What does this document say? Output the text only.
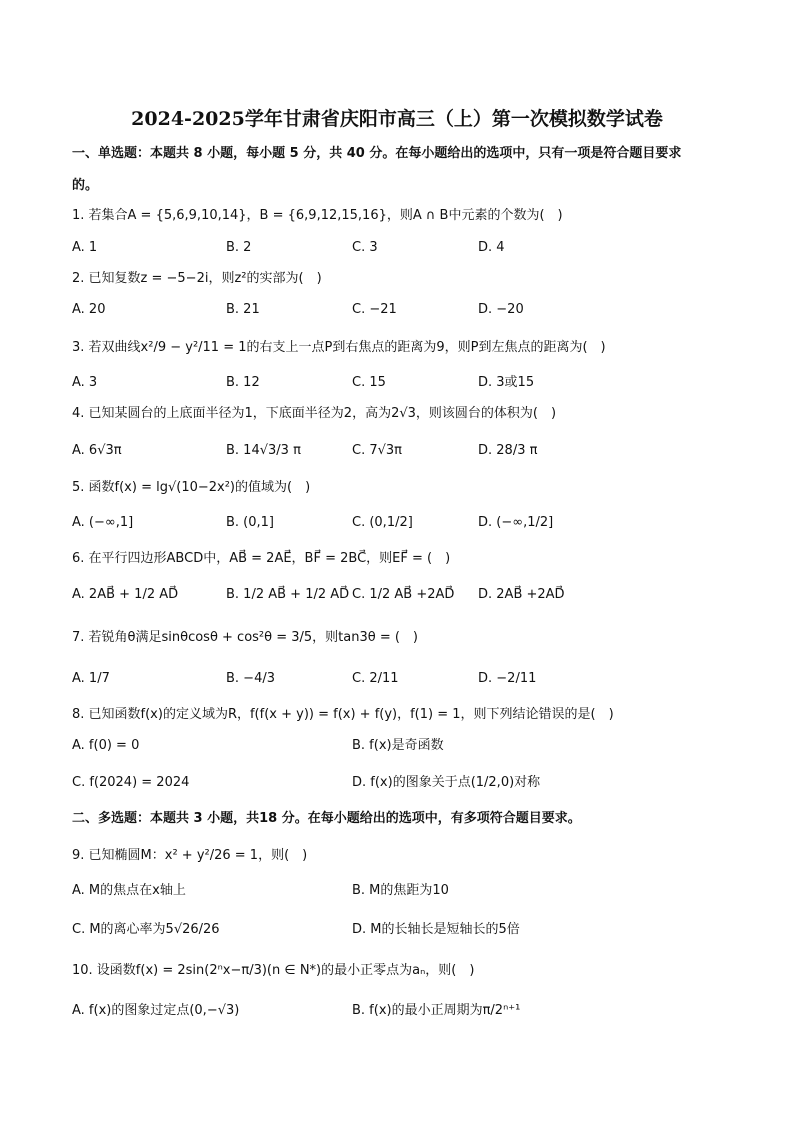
2024-2025学年甘肃省庆阳市高三（上）第一次模拟数学试卷
一、单选题：本题共 8 小题，每小题 5 分，共 40 分。在每小题给出的选项中，只有一项是符合题目要求
的。
1. 若集合A = {5,6,9,10,14}，B = {6,9,12,15,16}，则A ∩ B中元素的个数为(　)
A. 1	B. 2	C. 3	D. 4
2. 已知复数z = −5−2i，则z²的实部为(　)
A. 20	B. 21	C. −21	D. −20
3. 若双曲线x²/9 − y²/11 = 1的右支上一点P到右焦点的距离为9，则P到左焦点的距离为(　)
A. 3	B. 12	C. 15	D. 3或15
4. 已知某圆台的上底面半径为1，下底面半径为2，高为2√3，则该圆台的体积为(　)
A. 6√3π	B. 14√3/3 π	C. 7√3π	D. 28/3 π
5. 函数f(x) = lg√(10−2x²)的值域为(　)
A. (−∞,1]	B. (0,1]	C. (0,1/2]	D. (−∞,1/2]
6. 在平行四边形ABCD中，AB⃗ = 2AE⃗，BF⃗ = 2BC⃗，则EF⃗ = (　)
A. 2AB⃗ + 1/2 AD⃗	B. 1/2 AB⃗ + 1/2 AD⃗ C. 1/2 AB⃗ +2AD⃗ D. 2AB⃗ +2AD⃗
7. 若锐角θ满足sinθcosθ + cos²θ = 3/5，则tan3θ = (　)
A. 1/7	B. −4/3	C. 2/11	D. −2/11
8. 已知函数f(x)的定义域为R，f(f(x + y)) = f(x) + f(y)，f(1) = 1，则下列结论错误的是(　)
A. f(0) = 0	B. f(x)是奇函数
C. f(2024) = 2024	D. f(x)的图象关于点(1/2,0)对称
二、多选题：本题共 3 小题，共18 分。在每小题给出的选项中，有多项符合题目要求。
9. 已知椭圆M：x² + y²/26 = 1，则(　)
A. M的焦点在x轴上	B. M的焦距为10
C. M的离心率为5√26/26	D. M的长轴长是短轴长的5倍
10. 设函数f(x) = 2sin(2ⁿx−π/3)(n ∈ N*)的最小正零点为aₙ，则(　)
A. f(x)的图象过定点(0,−√3)	B. f(x)的最小正周期为π/2ⁿ⁺¹
